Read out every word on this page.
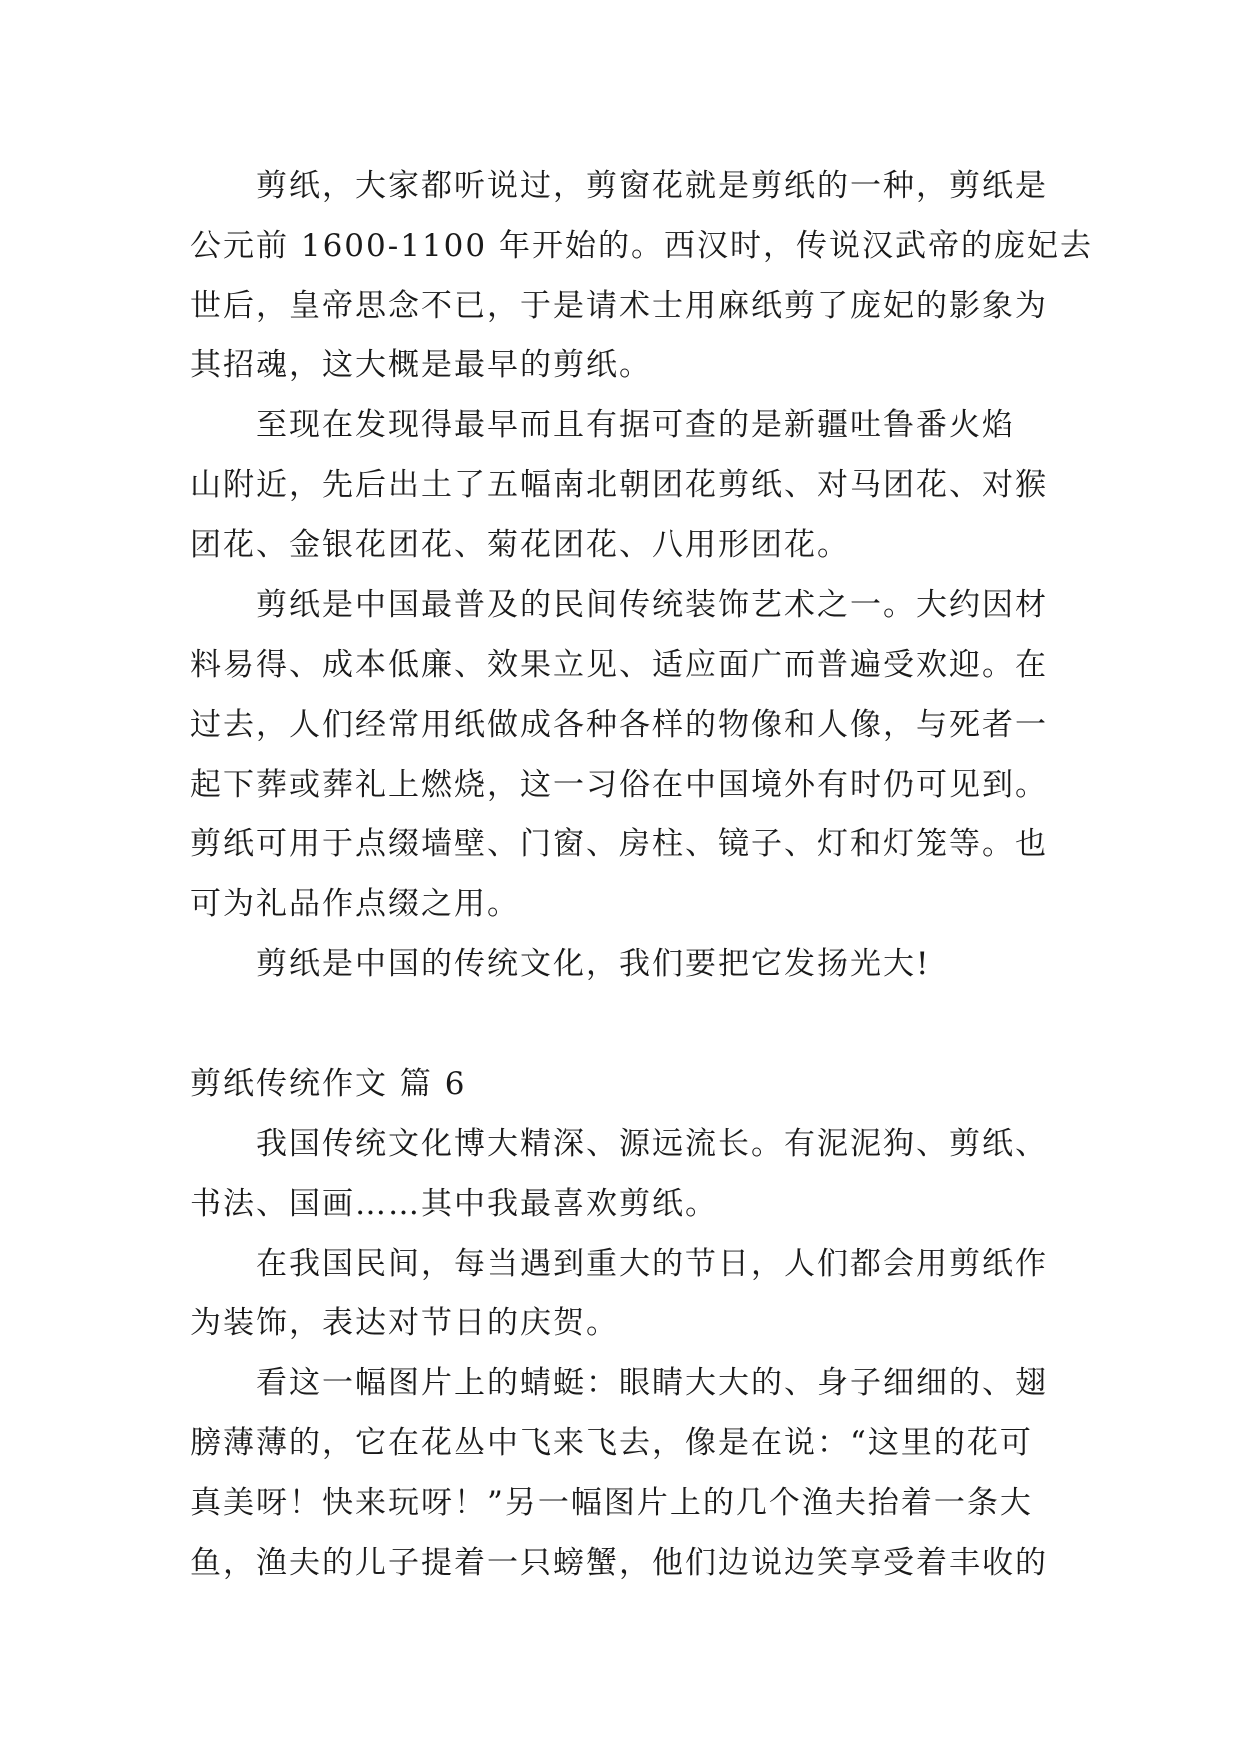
剪纸，大家都听说过，剪窗花就是剪纸的一种，剪纸是
公元前 1600-1100 年开始的。西汉时，传说汉武帝的庞妃去
世后，皇帝思念不已，于是请术士用麻纸剪了庞妃的影象为
其招魂，这大概是最早的剪纸。
至现在发现得最早而且有据可查的是新疆吐鲁番火焰
山附近，先后出土了五幅南北朝团花剪纸、对马团花、对猴
团花、金银花团花、菊花团花、八用形团花。
剪纸是中国最普及的民间传统装饰艺术之一。大约因材
料易得、成本低廉、效果立见、适应面广而普遍受欢迎。在
过去，人们经常用纸做成各种各样的物像和人像，与死者一
起下葬或葬礼上燃烧，这一习俗在中国境外有时仍可见到。
剪纸可用于点缀墙壁、门窗、房柱、镜子、灯和灯笼等。也
可为礼品作点缀之用。
剪纸是中国的传统文化，我们要把它发扬光大!
剪纸传统作文 篇 6
我国传统文化博大精深、源远流长。有泥泥狗、剪纸、
书法、国画……其中我最喜欢剪纸。
在我国民间，每当遇到重大的节日，人们都会用剪纸作
为装饰，表达对节日的庆贺。
看这一幅图片上的蜻蜓：眼睛大大的、身子细细的、翅
膀薄薄的，它在花丛中飞来飞去，像是在说：“这里的花可
真美呀！快来玩呀！”另一幅图片上的几个渔夫抬着一条大
鱼，渔夫的儿子提着一只螃蟹，他们边说边笑享受着丰收的
